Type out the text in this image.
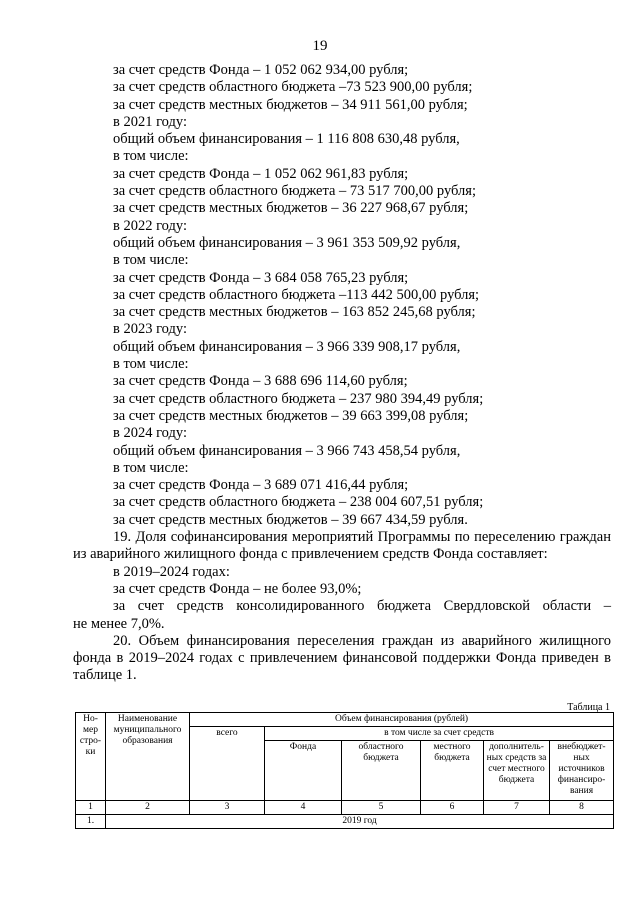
19

за счет средств Фонда – 1 052 062 934,00 рубля;

за счет средств областного бюджета –73 523 900,00 рубля;

за счет средств местных бюджетов – 34 911 561,00 рубля;

в 2021 году:

общий объем финансирования – 1 116 808 630,48 рубля,

в том числе:

за счет средств Фонда – 1 052 062 961,83 рубля;

за счет средств областного бюджета – 73 517 700,00 рубля;

за счет средств местных бюджетов – 36 227 968,67 рубля;

в 2022 году:

общий объем финансирования – 3 961 353 509,92 рубля,

в том числе:

за счет средств Фонда – 3 684 058 765,23 рубля;

за счет средств областного бюджета –113 442 500,00 рубля;

за счет средств местных бюджетов – 163 852 245,68 рубля;

в 2023 году:

общий объем финансирования – 3 966 339 908,17 рубля,

в том числе:

за счет средств Фонда – 3 688 696 114,60 рубля;

за счет средств областного бюджета – 237 980 394,49 рубля;

за счет средств местных бюджетов – 39 663 399,08 рубля;

в 2024 году:

общий объем финансирования – 3 966 743 458,54 рубля,

в том числе:

за счет средств Фонда – 3 689 071 416,44 рубля;

за счет средств областного бюджета – 238 004 607,51 рубля;

за счет средств местных бюджетов – 39 667 434,59 рубля.

19. Доля софинансирования мероприятий Программы по переселению граждан из аварийного жилищного фонда с привлечением средств Фонда составляет:

в 2019–2024 годах:

за счет средств Фонда – не более 93,0%;

за счет средств консолидированного бюджета Свердловской области –

не менее 7,0%.

20. Объем финансирования переселения граждан из аварийного жилищного фонда в 2019–2024 годах с привлечением финансовой поддержки Фонда приведен в таблице 1.

Таблица 1
Но-мер стро-ки	Наименование муниципального образования	Объем финансирования (рублей)					
		всего	в том числе за счет средств				
			Фонда	областного бюджета	местного бюджета	дополнитель-ных средств за счет местного бюджета	внебюджет-ных источников финансиро-вания
1	2	3	4	5	6	7	8
1.	2019 год						
